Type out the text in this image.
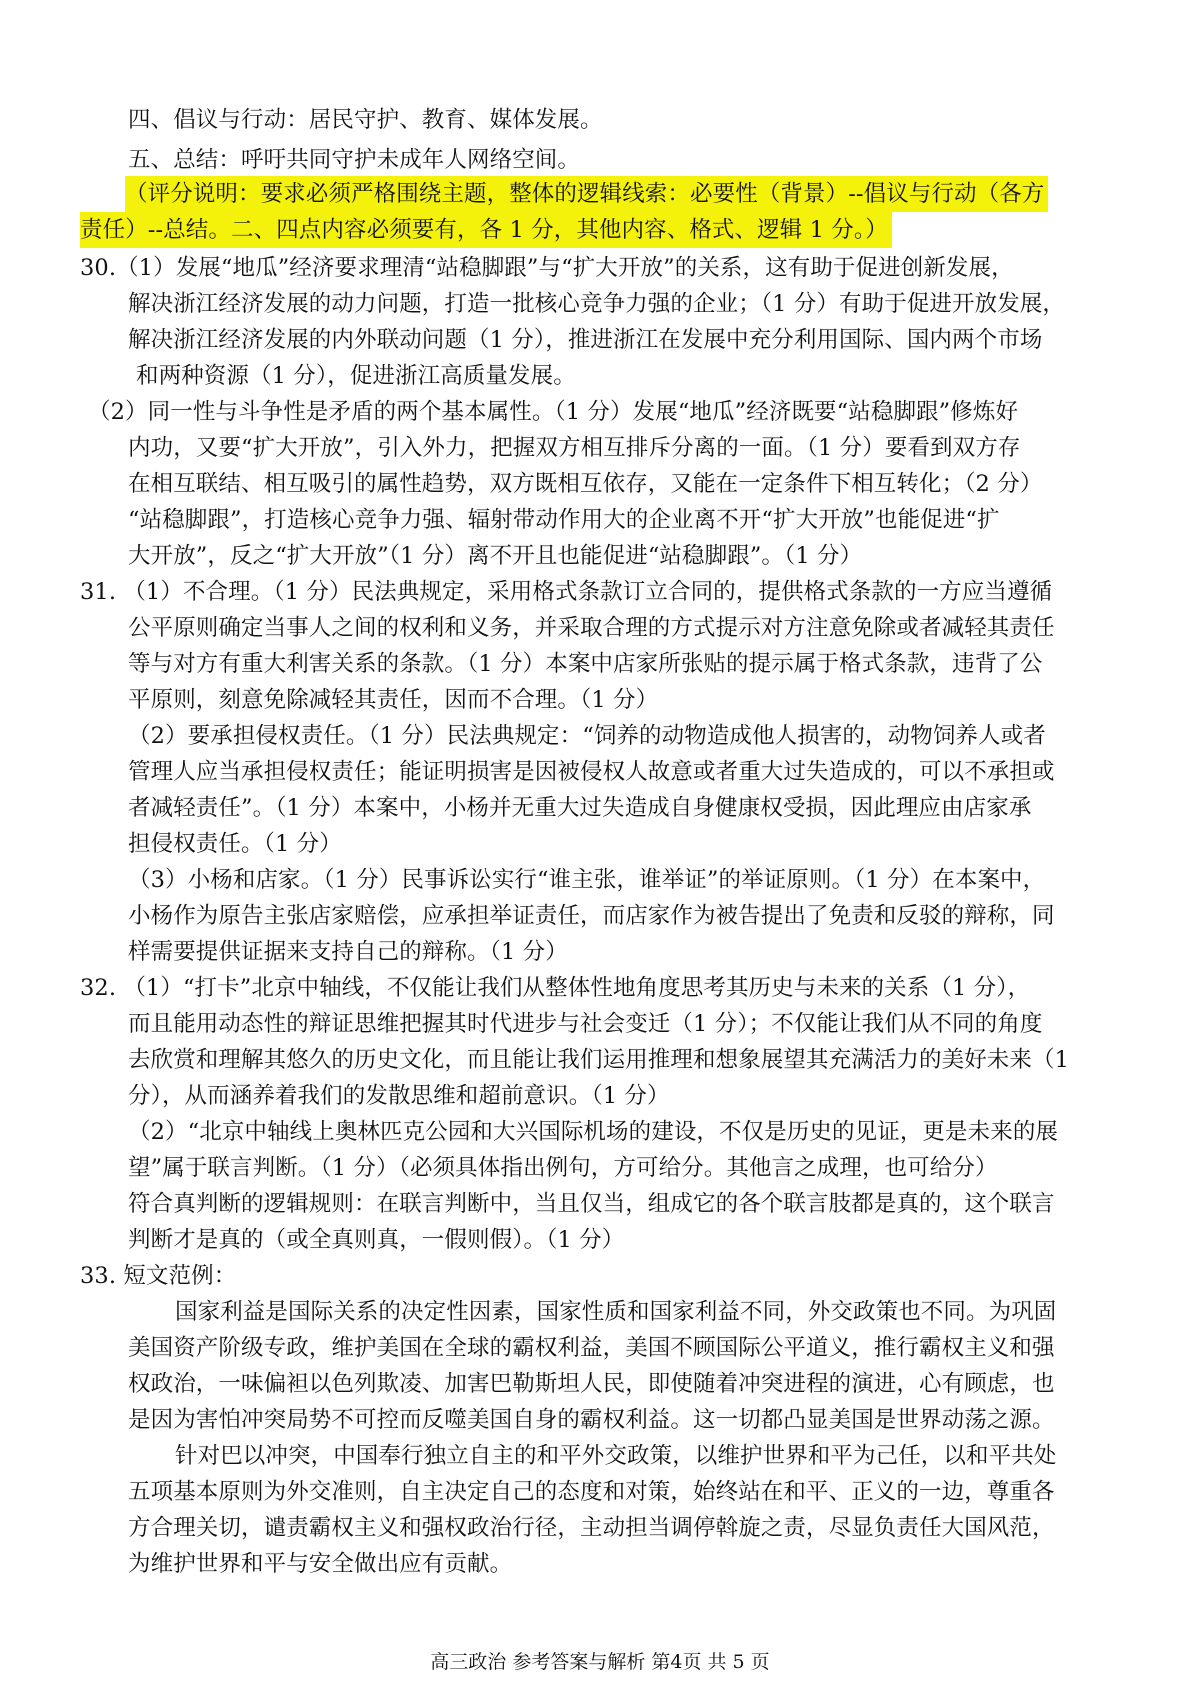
四、倡议与行动：居民守护、教育、媒体发展。
五、总结：呼吁共同守护未成年人网络空间。
（评分说明：要求必须严格围绕主题，整体的逻辑线索：必要性（背景）--倡议与行动（各方
责任）--总结。二、四点内容必须要有，各 1 分，其他内容、格式、逻辑 1 分。）
30.（1）发展“地瓜”经济要求理清“站稳脚跟”与“扩大开放”的关系，这有助于促进创新发展，
解决浙江经济发展的动力问题，打造一批核心竞争力强的企业；（1 分）有助于促进开放发展，
解决浙江经济发展的内外联动问题（1 分），推进浙江在发展中充分利用国际、国内两个市场
和两种资源（1 分），促进浙江高质量发展。
（2）同一性与斗争性是矛盾的两个基本属性。（1 分）发展“地瓜”经济既要“站稳脚跟”修炼好
内功，又要“扩大开放”，引入外力，把握双方相互排斥分离的一面。（1 分）要看到双方存
在相互联结、相互吸引的属性趋势，双方既相互依存，又能在一定条件下相互转化；（2 分）
“站稳脚跟”，打造核心竞争力强、辐射带动作用大的企业离不开“扩大开放”也能促进“扩
大开放”，反之“扩大开放”（1 分）离不开且也能促进“站稳脚跟”。（1 分）
31. （1）不合理。（1 分）民法典规定，采用格式条款订立合同的，提供格式条款的一方应当遵循
公平原则确定当事人之间的权利和义务，并采取合理的方式提示对方注意免除或者减轻其责任
等与对方有重大利害关系的条款。（1 分）本案中店家所张贴的提示属于格式条款，违背了公
平原则，刻意免除减轻其责任，因而不合理。（1 分）
（2）要承担侵权责任。（1 分）民法典规定：“饲养的动物造成他人损害的，动物饲养人或者
管理人应当承担侵权责任；能证明损害是因被侵权人故意或者重大过失造成的，可以不承担或
者减轻责任”。（1 分）本案中，小杨并无重大过失造成自身健康权受损，因此理应由店家承
担侵权责任。（1 分）
（3）小杨和店家。（1 分）民事诉讼实行“谁主张，谁举证”的举证原则。（1 分）在本案中，
小杨作为原告主张店家赔偿，应承担举证责任，而店家作为被告提出了免责和反驳的辩称，同
样需要提供证据来支持自己的辩称。（1 分）
32. （1）“打卡”北京中轴线，不仅能让我们从整体性地角度思考其历史与未来的关系（1 分），
而且能用动态性的辩证思维把握其时代进步与社会变迁（1 分）；不仅能让我们从不同的角度
去欣赏和理解其悠久的历史文化，而且能让我们运用推理和想象展望其充满活力的美好未来（1
分），从而涵养着我们的发散思维和超前意识。（1 分）
（2）“北京中轴线上奥林匹克公园和大兴国际机场的建设，不仅是历史的见证，更是未来的展
望”属于联言判断。（1 分）（必须具体指出例句，方可给分。其他言之成理，也可给分）
符合真判断的逻辑规则：在联言判断中，当且仅当，组成它的各个联言肢都是真的，这个联言
判断才是真的（或全真则真，一假则假）。（1 分）
33. 短文范例：
国家利益是国际关系的决定性因素，国家性质和国家利益不同，外交政策也不同。为巩固
美国资产阶级专政，维护美国在全球的霸权利益，美国不顾国际公平道义，推行霸权主义和强
权政治，一味偏袒以色列欺凌、加害巴勒斯坦人民，即使随着冲突进程的演进，心有顾虑，也
是因为害怕冲突局势不可控而反噬美国自身的霸权利益。这一切都凸显美国是世界动荡之源。
针对巴以冲突，中国奉行独立自主的和平外交政策，以维护世界和平为己任，以和平共处
五项基本原则为外交准则，自主决定自己的态度和对策，始终站在和平、正义的一边，尊重各
方合理关切，谴责霸权主义和强权政治行径，主动担当调停斡旋之责，尽显负责任大国风范，
为维护世界和平与安全做出应有贡献。
高三政治 参考答案与解析 第4页 共 5 页
